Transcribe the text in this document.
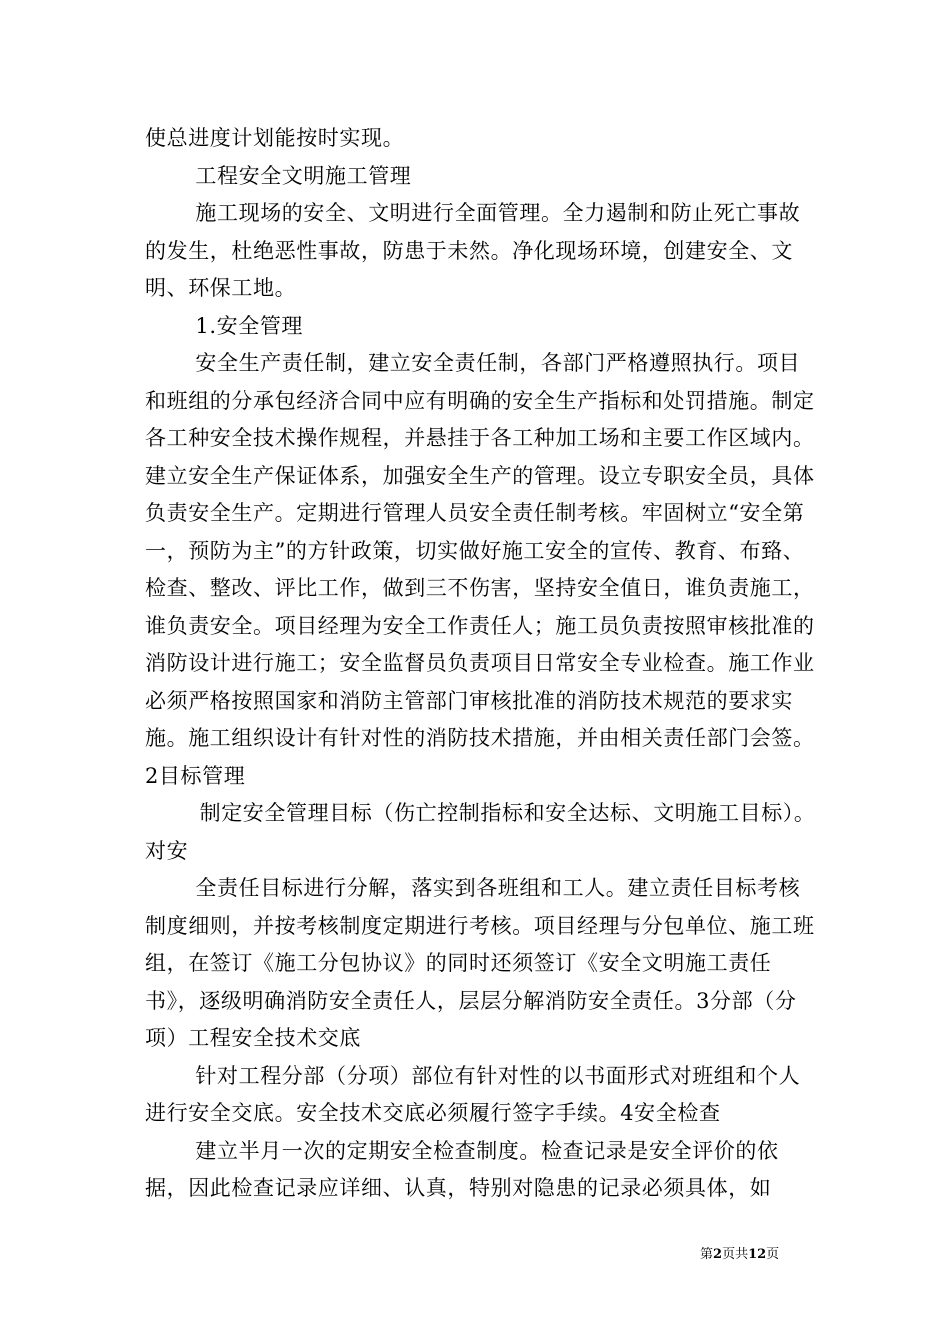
使总进度计划能按时实现。

工程安全文明施工管理

施工现场的安全、文明进行全面管理。全力遏制和防止死亡事故的发生，杜绝恶性事故，防患于未然。净化现场环境，创建安全、文明、环保工地。

1.安全管理

安全生产责任制，建立安全责任制，各部门严格遵照执行。项目和班组的分承包经济合同中应有明确的安全生产指标和处罚措施。制定各工种安全技术操作规程，并悬挂于各工种加工场和主要工作区域内。建立安全生产保证体系，加强安全生产的管理。设立专职安全员，具体负责安全生产。定期进行管理人员安全责任制考核。牢固树立“安全第一，预防为主”的方针政策，切实做好施工安全的宣传、教育、布臵、检查、整改、评比工作，做到三不伤害，坚持安全值日，谁负责施工，谁负责安全。项目经理为安全工作责任人；施工员负责按照审核批准的消防设计进行施工；安全监督员负责项目日常安全专业检查。施工作业必须严格按照国家和消防主管部门审核批准的消防技术规范的要求实施。施工组织设计有针对性的消防技术措施，并由相关责任部门会签。2目标管理

制定安全管理目标（伤亡控制指标和安全达标、文明施工目标）。对安

全责任目标进行分解，落实到各班组和工人。建立责任目标考核制度细则，并按考核制度定期进行考核。项目经理与分包单位、施工班组，在签订《施工分包协议》的同时还须签订《安全文明施工责任书》，逐级明确消防安全责任人，层层分解消防安全责任。3分部（分项）工程安全技术交底

针对工程分部（分项）部位有针对性的以书面形式对班组和个人进行安全交底。安全技术交底必须履行签字手续。4安全检查

建立半月一次的定期安全检查制度。检查记录是安全评价的依据，因此检查记录应详细、认真，特别对隐患的记录必须具体，如

第2页共12页
